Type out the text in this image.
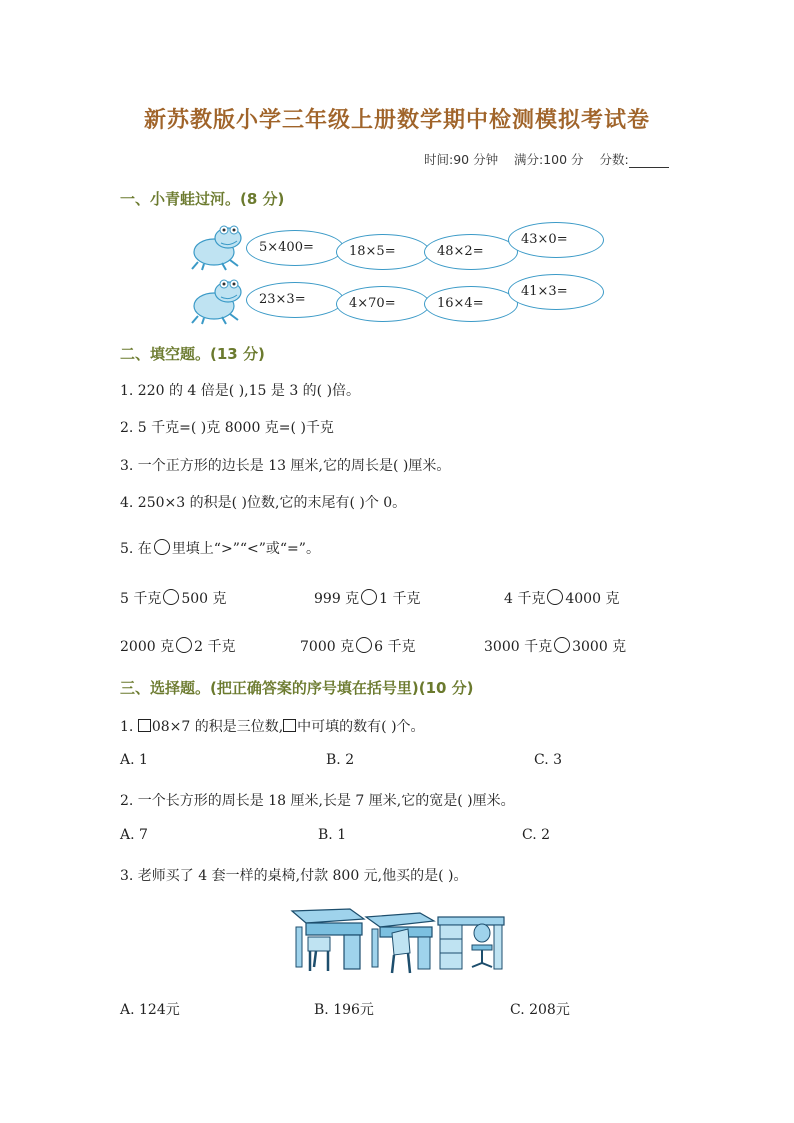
新苏教版小学三年级上册数学期中检测模拟考试卷
时间:90 分钟 满分:100 分 分数:
一、小青蛙过河。(8 分)
5×400=	18×5=	48×2=
43×0=
23×3=	4×70=	16×4=
41×3=
二、填空题。(13 分)
1. 220 的 4 倍是( ),15 是 3 的( )倍。
2. 5 千克=( )克 8000 克=( )千克
3. 一个正方形的边长是 13 厘米,它的周长是( )厘米。
4. 250×3 的积是( )位数,它的末尾有( )个 0。
5. 在 里填上“>”“<”或“=”。
5 千克 500 克	999 克 1 千克	4 千克 4000 克
2000 克 2 千克	7000 克 6 千克	3000 千克 3000 克
三、选择题。(把正确答案的序号填在括号里)(10 分)
1. 08×7 的积是三位数, 中可填的数有( )个。
A. 1	B. 2	C. 3
2. 一个长方形的周长是 18 厘米,长是 7 厘米,它的宽是( )厘米。
A. 7	B. 1	C. 2
3. 老师买了 4 套一样的桌椅,付款 800 元,他买的是( )。
A. 124元	B. 196元	C. 208元
